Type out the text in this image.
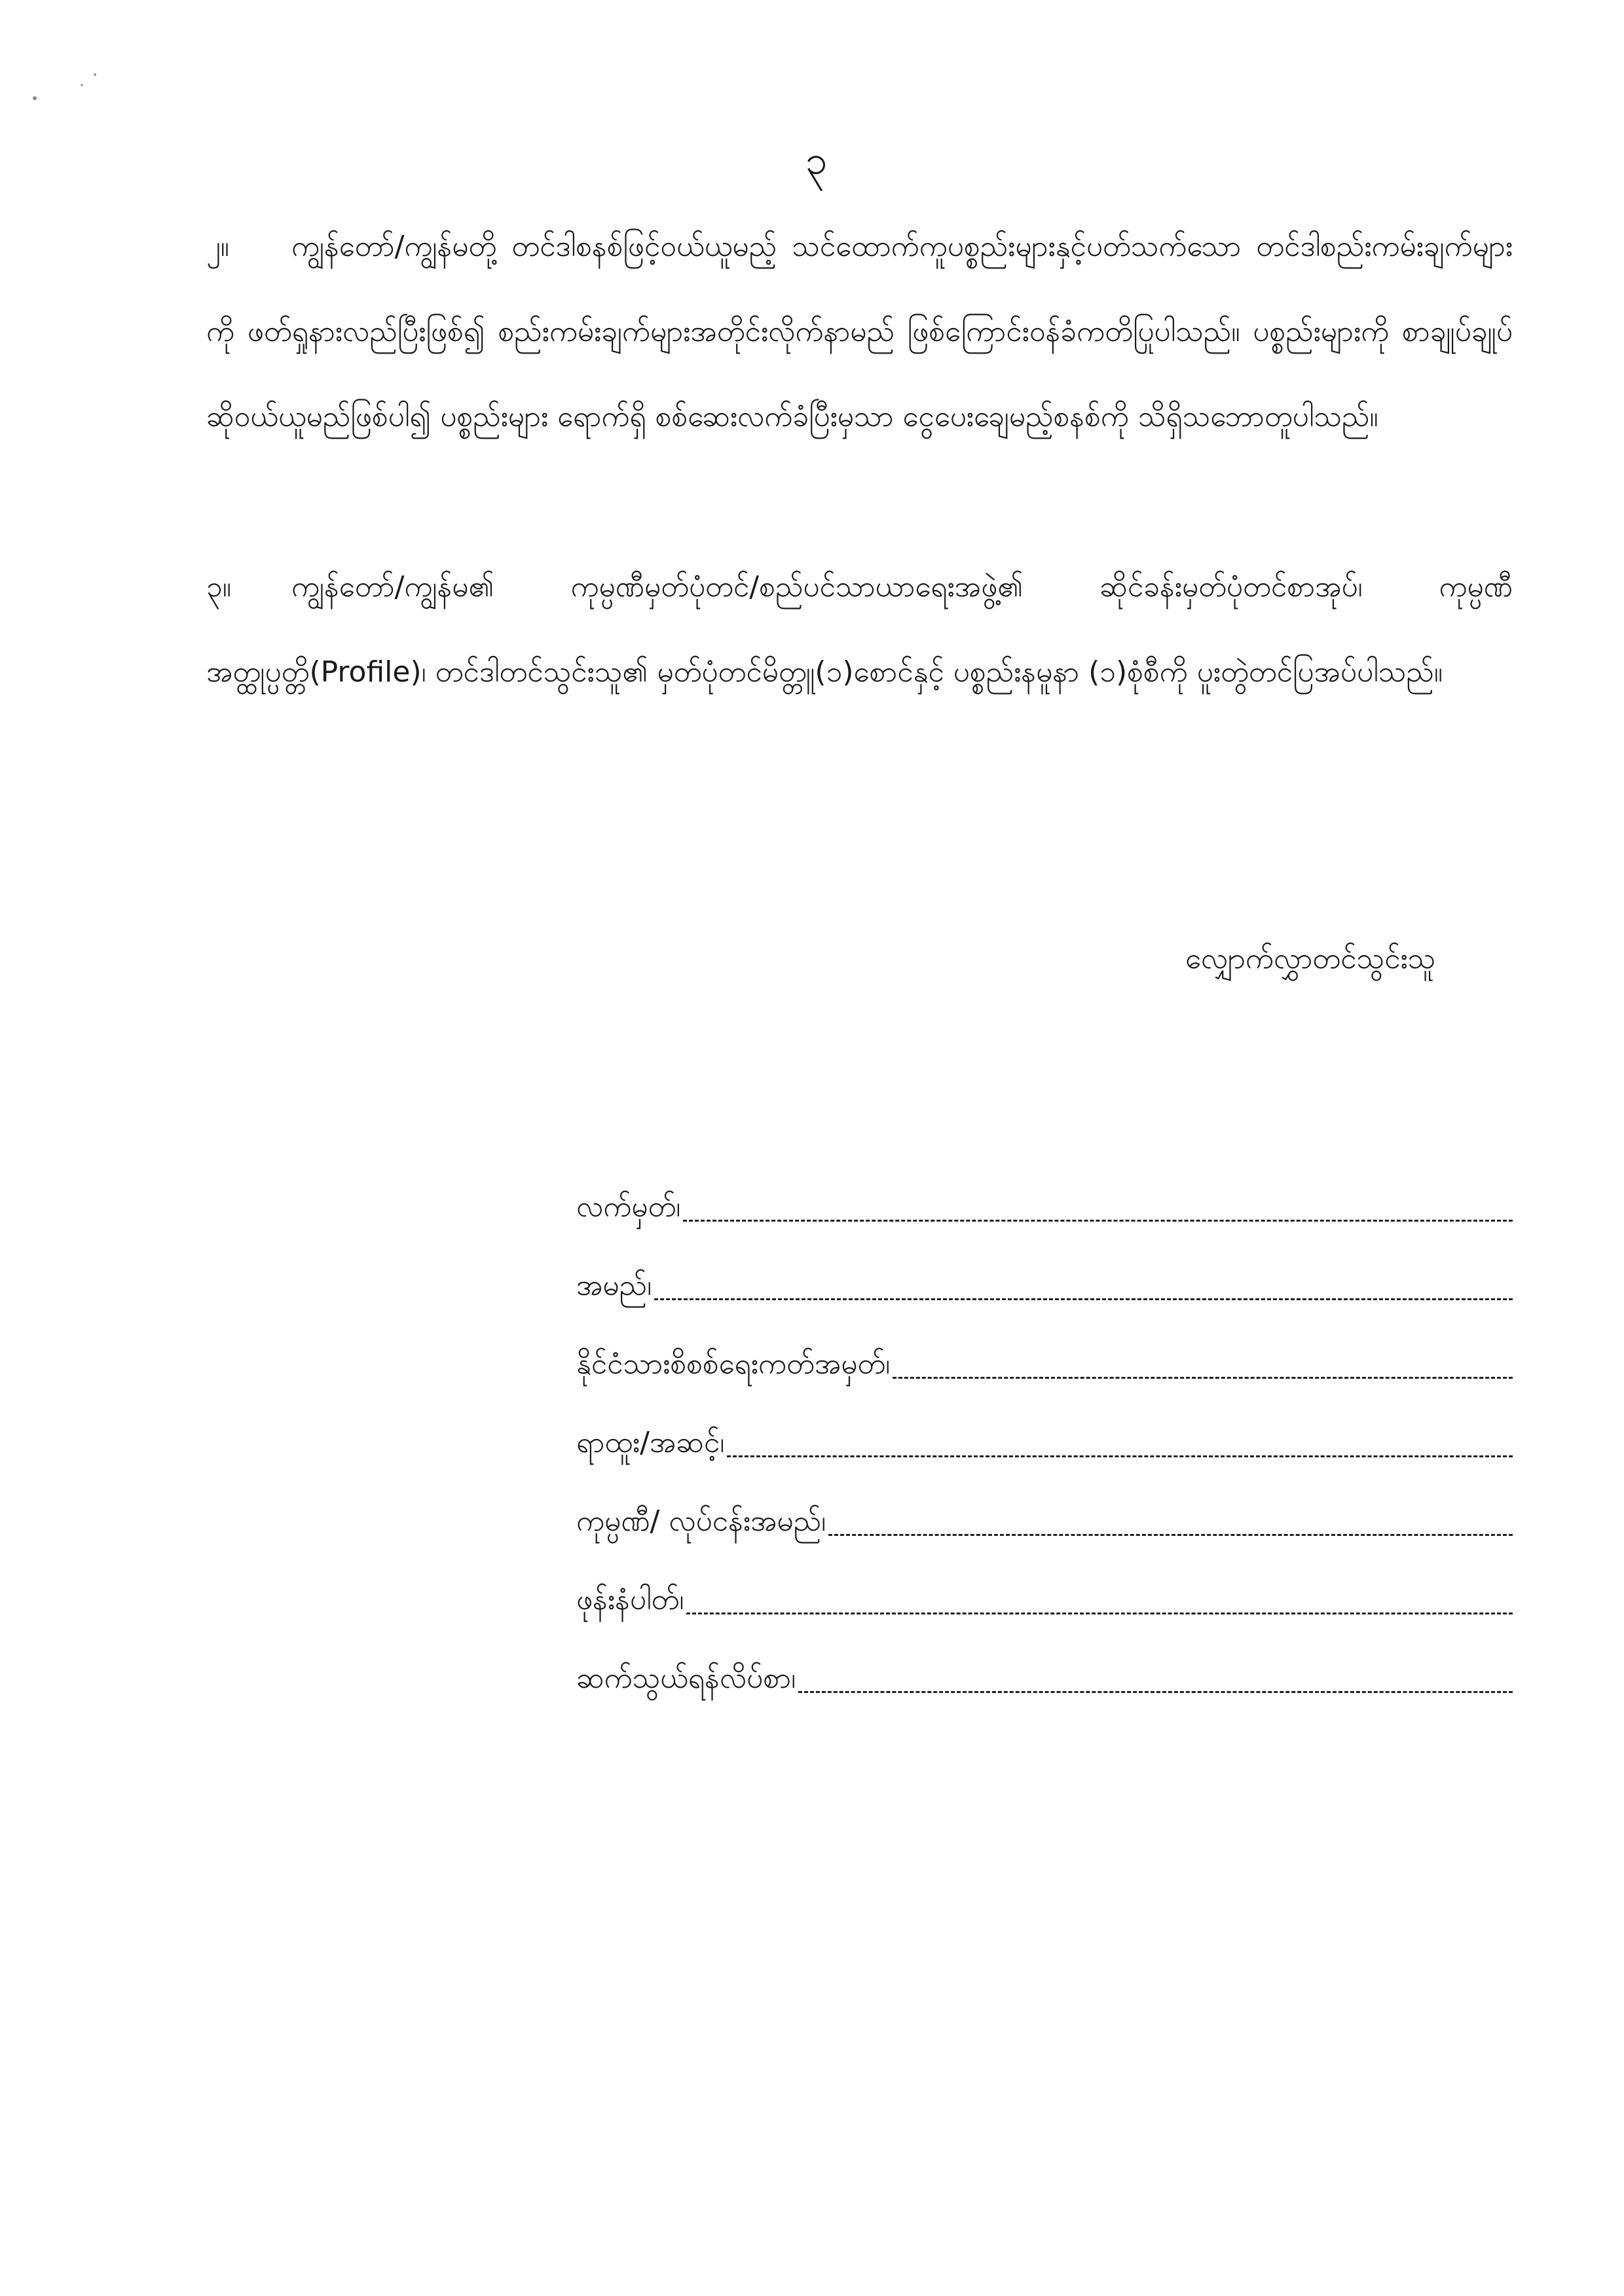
၃
၂။ ကျွန်တော်/ကျွန်မတို့ တင်ဒါစနစ်ဖြင့်ဝယ်ယူမည့် သင်ထောက်ကူပစ္စည်းများနှင့်ပတ်သက်သော တင်ဒါစည်းကမ်းချက်များကို ဖတ်ရှုနားလည်ပြီးဖြစ်၍ စည်းကမ်းချက်များအတိုင်းလိုက်နာမည် ဖြစ်ကြောင်းဝန်ခံကတိပြုပါသည်။ ပစ္စည်းများကို စာချုပ်ချုပ်ဆိုဝယ်ယူမည်ဖြစ်ပါ၍ ပစ္စည်းများ ရောက်ရှိ စစ်ဆေးလက်ခံပြီးမှသာ ငွေပေးချေမည့်စနစ်ကို သိရှိသဘောတူပါသည်။
၃။ ကျွန်တော်/ကျွန်မ၏ ကုမ္ပဏီမှတ်ပုံတင်/စည်ပင်သာယာရေးအဖွဲ့၏ ဆိုင်ခန်းမှတ်ပုံတင်စာအုပ်၊ ကုမ္ပဏီအတ္ထုပ္ပတ္တိ(Profile)၊ တင်ဒါတင်သွင်းသူ၏ မှတ်ပုံတင်မိတ္တူ(၁)စောင်နှင့် ပစ္စည်းနမူနာ (၁)စုံစီကို ပူးတွဲတင်ပြအပ်ပါသည်။
လျှောက်လွှာတင်သွင်းသူ
လက်မှတ်၊
အမည်၊
နိုင်ငံသားစိစစ်ရေးကတ်အမှတ်၊
ရာထူး/အဆင့်၊
ကုမ္ပဏီ/ လုပ်ငန်းအမည်၊
ဖုန်းနံပါတ်၊
ဆက်သွယ်ရန်လိပ်စာ၊
